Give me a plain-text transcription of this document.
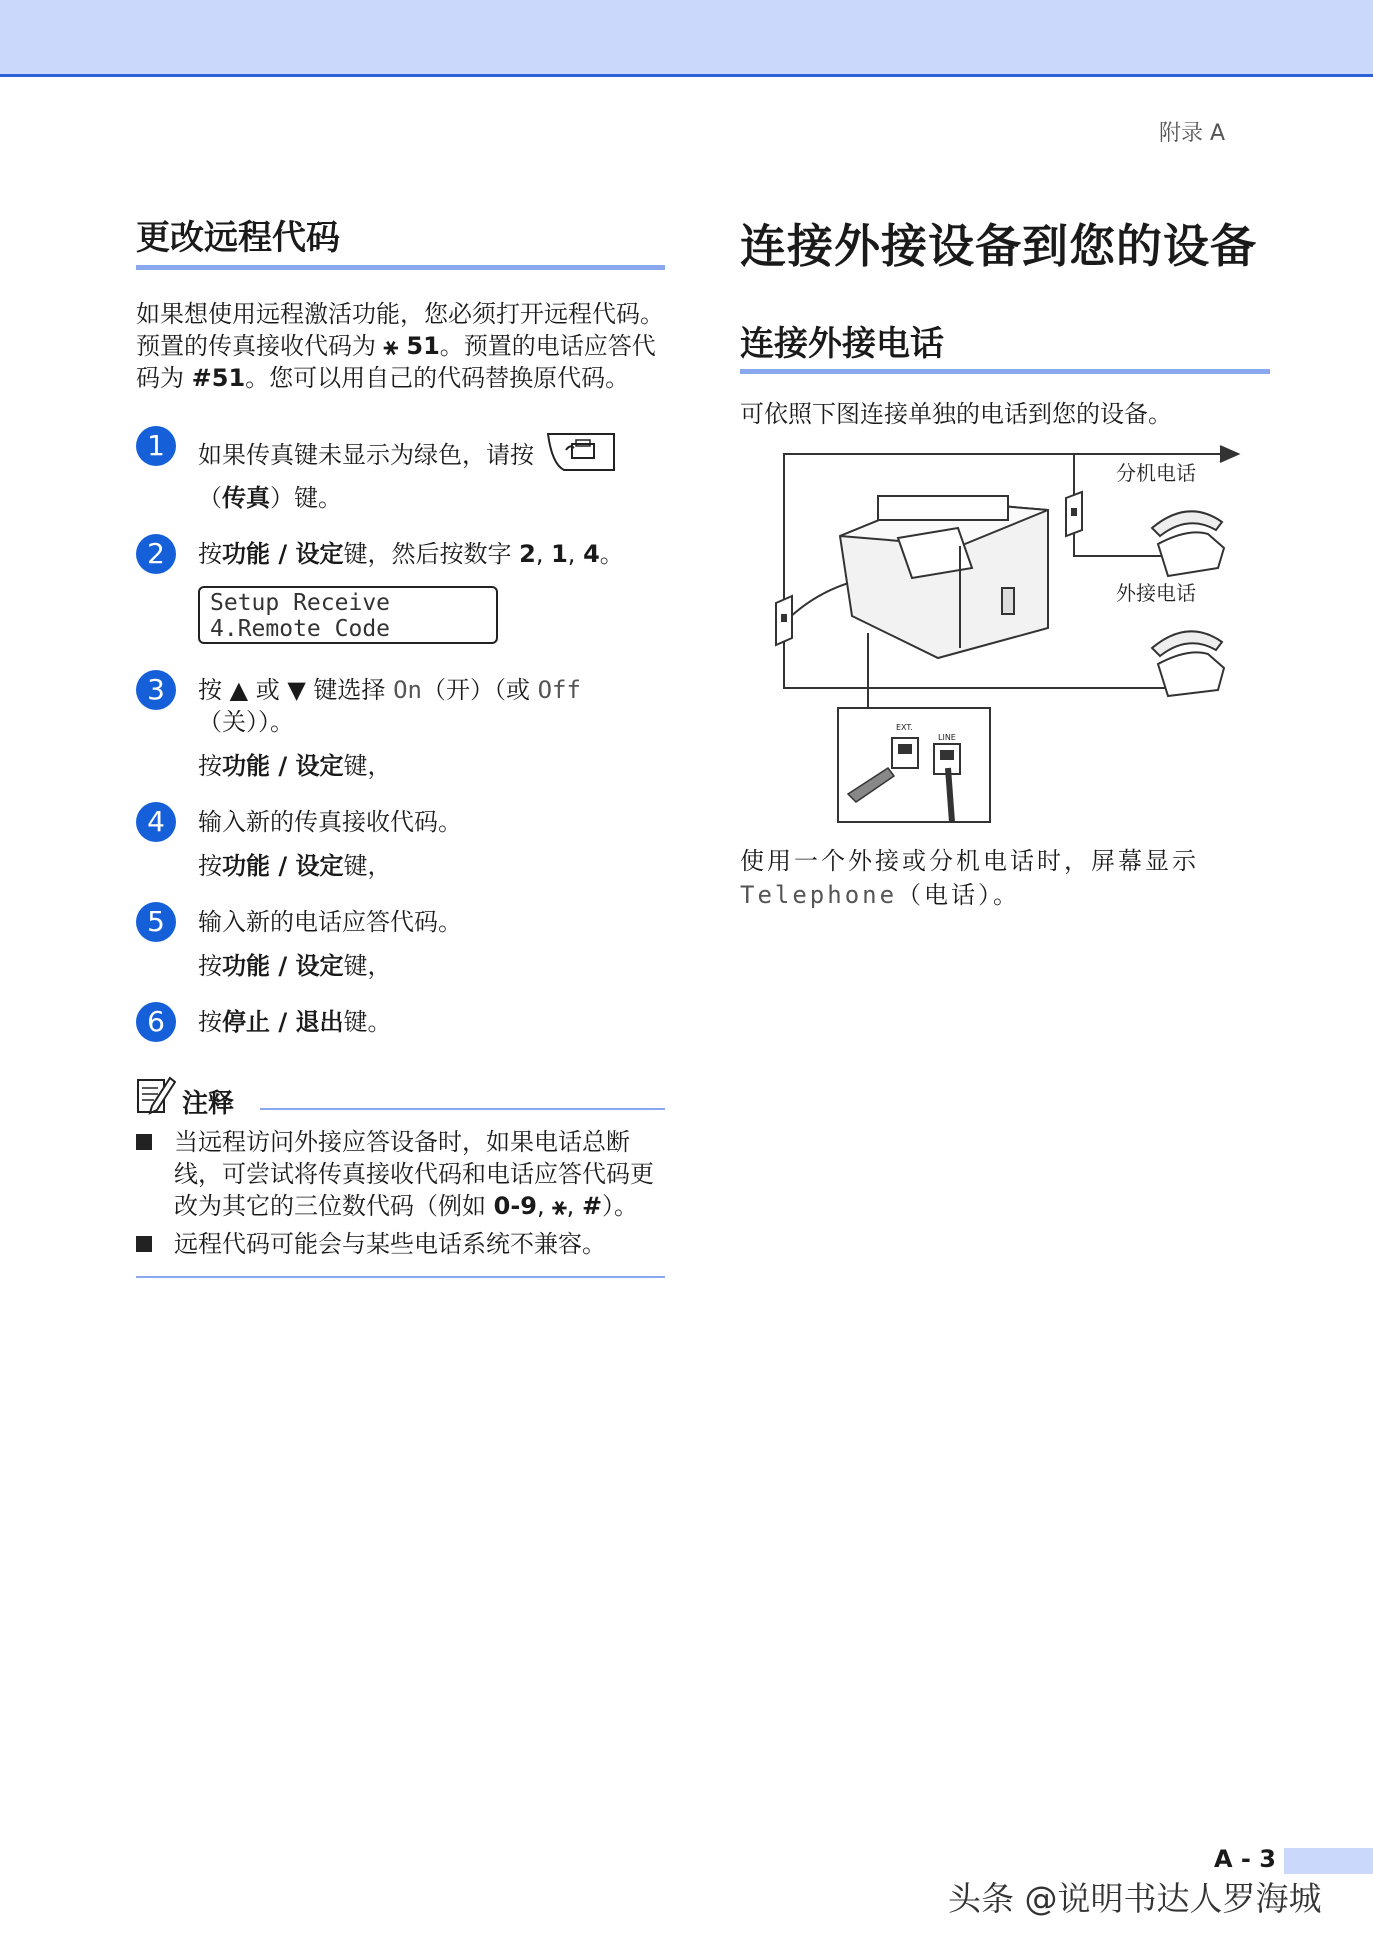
附录 A
更改远程代码
如果想使用远程激活功能，您必须打开远程代码。预置的传真接收代码为 ⚹ 51。预置的电话应答代码为 #51。您可以用自己的代码替换原代码。
1	如果传真键未显示为绿色，请按
（传真）键。
2	按功能 / 设定键，然后按数字 2, 1, 4。
Setup Receive
4.Remote Code
3	按 ▲ 或 ▼ 键选择 On（开）（或 Off（关））。
按功能 / 设定键，
4	输入新的传真接收代码。
按功能 / 设定键，
5	输入新的电话应答代码。
按功能 / 设定键，
6	按停止 / 退出键。
注释
当远程访问外接应答设备时，如果电话总断线，可尝试将传真接收代码和电话应答代码更改为其它的三位数代码（例如 0-9, ⚹, #）。
远程代码可能会与某些电话系统不兼容。
连接外接设备到您的设备
连接外接电话
可依照下图连接单独的电话到您的设备。
分机电话
外接电话
EXT.
LINE
使用一个外接或分机电话时，屏幕显示 Telephone（电话）。
A - 3
头条 @说明书达人罗海城
